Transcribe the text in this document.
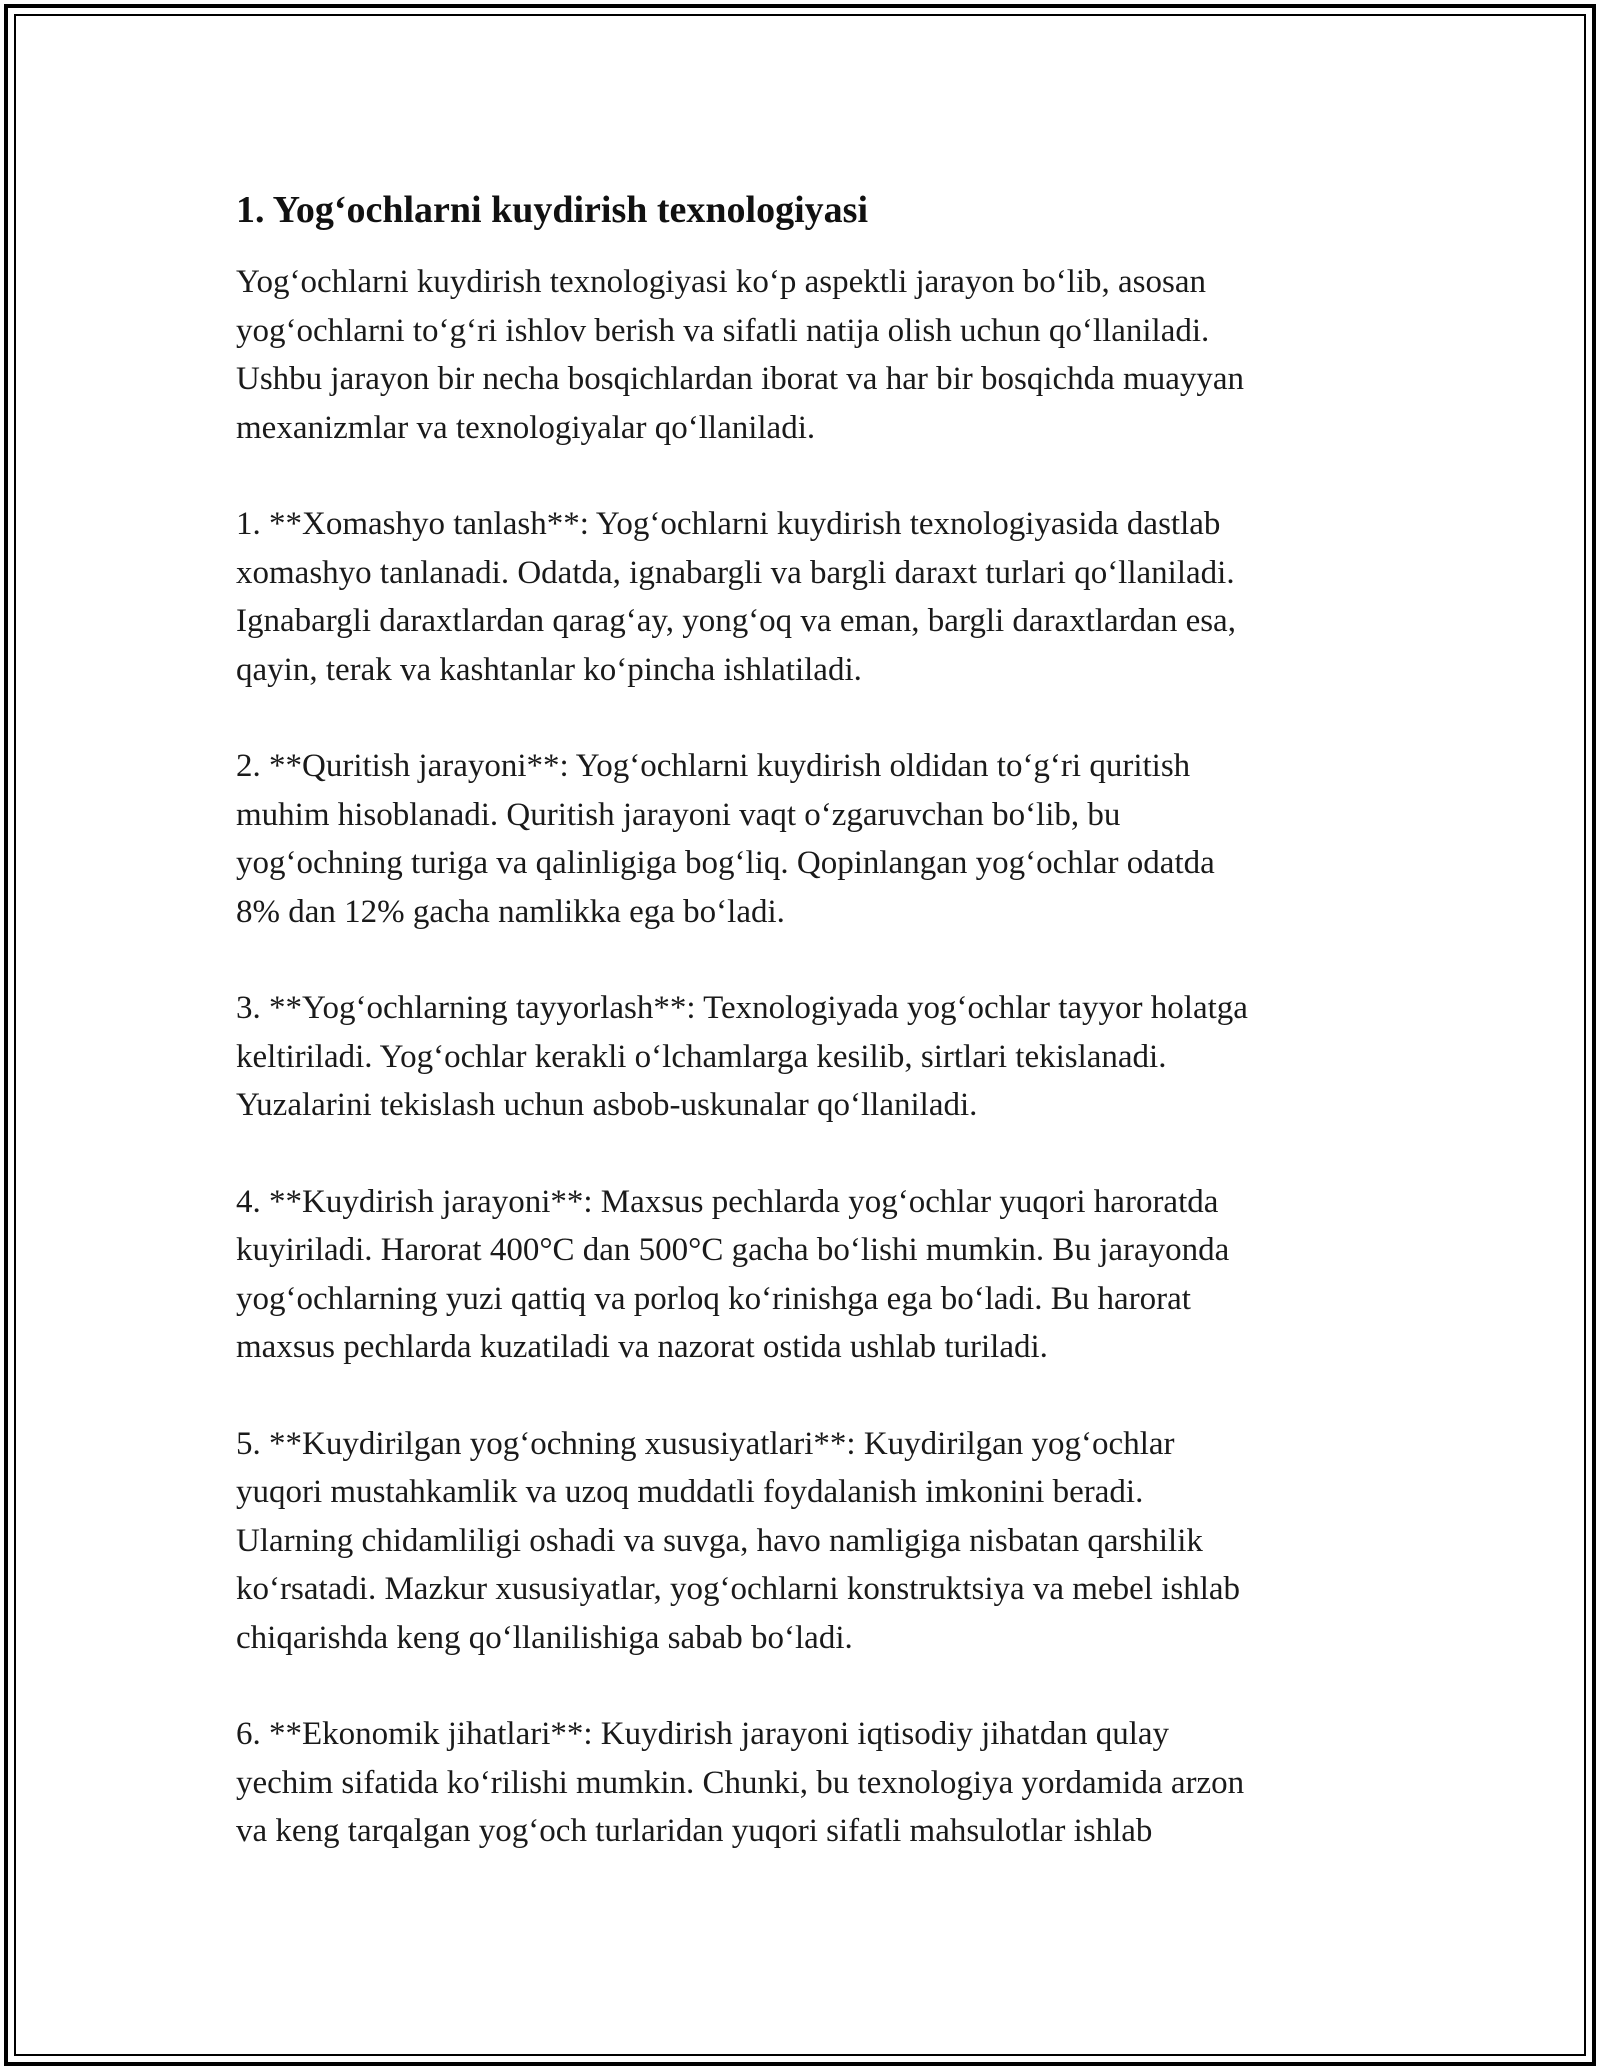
1. Yog‘ochlarni kuydirish texnologiyasi

Yog‘ochlarni kuydirish texnologiyasi ko‘p aspektli jarayon bo‘lib, asosan
yog‘ochlarni to‘g‘ri ishlov berish va sifatli natija olish uchun qo‘llaniladi.
Ushbu jarayon bir necha bosqichlardan iborat va har bir bosqichda muayyan
mexanizmlar va texnologiyalar qo‘llaniladi.

1. **Xomashyo tanlash**: Yog‘ochlarni kuydirish texnologiyasida dastlab
xomashyo tanlanadi. Odatda, ignabargli va bargli daraxt turlari qo‘llaniladi.
Ignabargli daraxtlardan qarag‘ay, yong‘oq va eman, bargli daraxtlardan esa,
qayin, terak va kashtanlar ko‘pincha ishlatiladi.

2. **Quritish jarayoni**: Yog‘ochlarni kuydirish oldidan to‘g‘ri quritish
muhim hisoblanadi. Quritish jarayoni vaqt o‘zgaruvchan bo‘lib, bu
yog‘ochning turiga va qalinligiga bog‘liq. Qopinlangan yog‘ochlar odatda
8% dan 12% gacha namlikka ega bo‘ladi.

3. **Yog‘ochlarning tayyorlash**: Texnologiyada yog‘ochlar tayyor holatga
keltiriladi. Yog‘ochlar kerakli o‘lchamlarga kesilib, sirtlari tekislanadi.
Yuzalarini tekislash uchun asbob-uskunalar qo‘llaniladi.

4. **Kuydirish jarayoni**: Maxsus pechlarda yog‘ochlar yuqori haroratda
kuyiriladi. Harorat 400°C dan 500°C gacha bo‘lishi mumkin. Bu jarayonda
yog‘ochlarning yuzi qattiq va porloq ko‘rinishga ega bo‘ladi. Bu harorat
maxsus pechlarda kuzatiladi va nazorat ostida ushlab turiladi.

5. **Kuydirilgan yog‘ochning xususiyatlari**: Kuydirilgan yog‘ochlar
yuqori mustahkamlik va uzoq muddatli foydalanish imkonini beradi.
Ularning chidamliligi oshadi va suvga, havo namligiga nisbatan qarshilik
ko‘rsatadi. Mazkur xususiyatlar, yog‘ochlarni konstruktsiya va mebel ishlab
chiqarishda keng qo‘llanilishiga sabab bo‘ladi.

6. **Ekonomik jihatlari**: Kuydirish jarayoni iqtisodiy jihatdan qulay
yechim sifatida ko‘rilishi mumkin. Chunki, bu texnologiya yordamida arzon
va keng tarqalgan yog‘och turlaridan yuqori sifatli mahsulotlar ishlab
